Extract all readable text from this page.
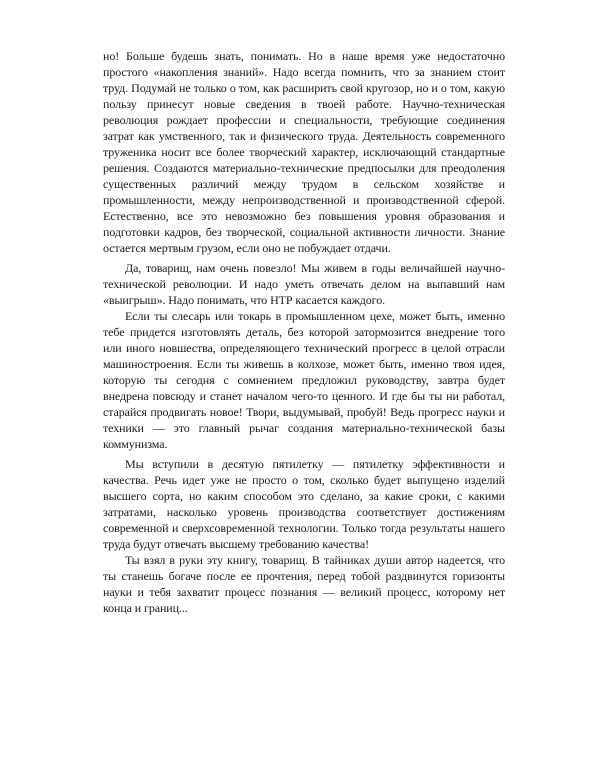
но! Больше будешь знать, понимать. Но в наше время уже недостаточно простого «накопления знаний». Надо всегда помнить, что за знанием стоит труд. Подумай не только о том, как расширить свой кругозор, но и о том, какую пользу принесут новые сведения в твоей работе. Научно-техническая революция рождает профессии и специальности, требующие соединения затрат как умственного, так и физического труда. Деятельность современного труженика носит все более творческий характер, исключающий стандартные решения. Создаются материально-технические предпосылки для преодоления существенных различий между трудом в сельском хозяйстве и промышленности, между непроизводственной и производственной сферой. Естественно, все это невозможно без повышения уровня образования и подготовки кадров, без творческой, социальной активности личности. Знание остается мертвым грузом, если оно не побуждает отдачи.

Да, товарищ, нам очень повезло! Мы живем в годы величайшей научно-технической революции. И надо уметь отвечать делом на выпавший нам «выигрыш». Надо понимать, что НТР касается каждого.

Если ты слесарь или токарь в промышленном цехе, может быть, именно тебе придется изготовлять деталь, без которой затормозится внедрение того или иного новшества, определяющего технический прогресс в целой отрасли машиностроения. Если ты живешь в колхозе, может быть, именно твоя идея, которую ты сегодня с сомнением предложил руководству, завтра будет внедрена повсюду и станет началом чего-то ценного. И где бы ты ни работал, старайся продвигать новое! Твори, выдумывай, пробуй! Ведь прогресс науки и техники — это главный рычаг создания материально-технической базы коммунизма.

Мы вступили в десятую пятилетку — пятилетку эффективности и качества. Речь идет уже не просто о том, сколько будет выпущено изделий высшего сорта, но каким способом это сделано, за какие сроки, с какими затратами, насколько уровень производства соответствует достижениям современной и сверхсовременной технологии. Только тогда результаты нашего труда будут отвечать высшему требованию качества!

Ты взял в руки эту книгу, товарищ. В тайниках души автор надеется, что ты станешь богаче после ее прочтения, перед тобой раздвинутся горизонты науки и тебя захватит процесс познания — великий процесс, которому нет конца и границ...
